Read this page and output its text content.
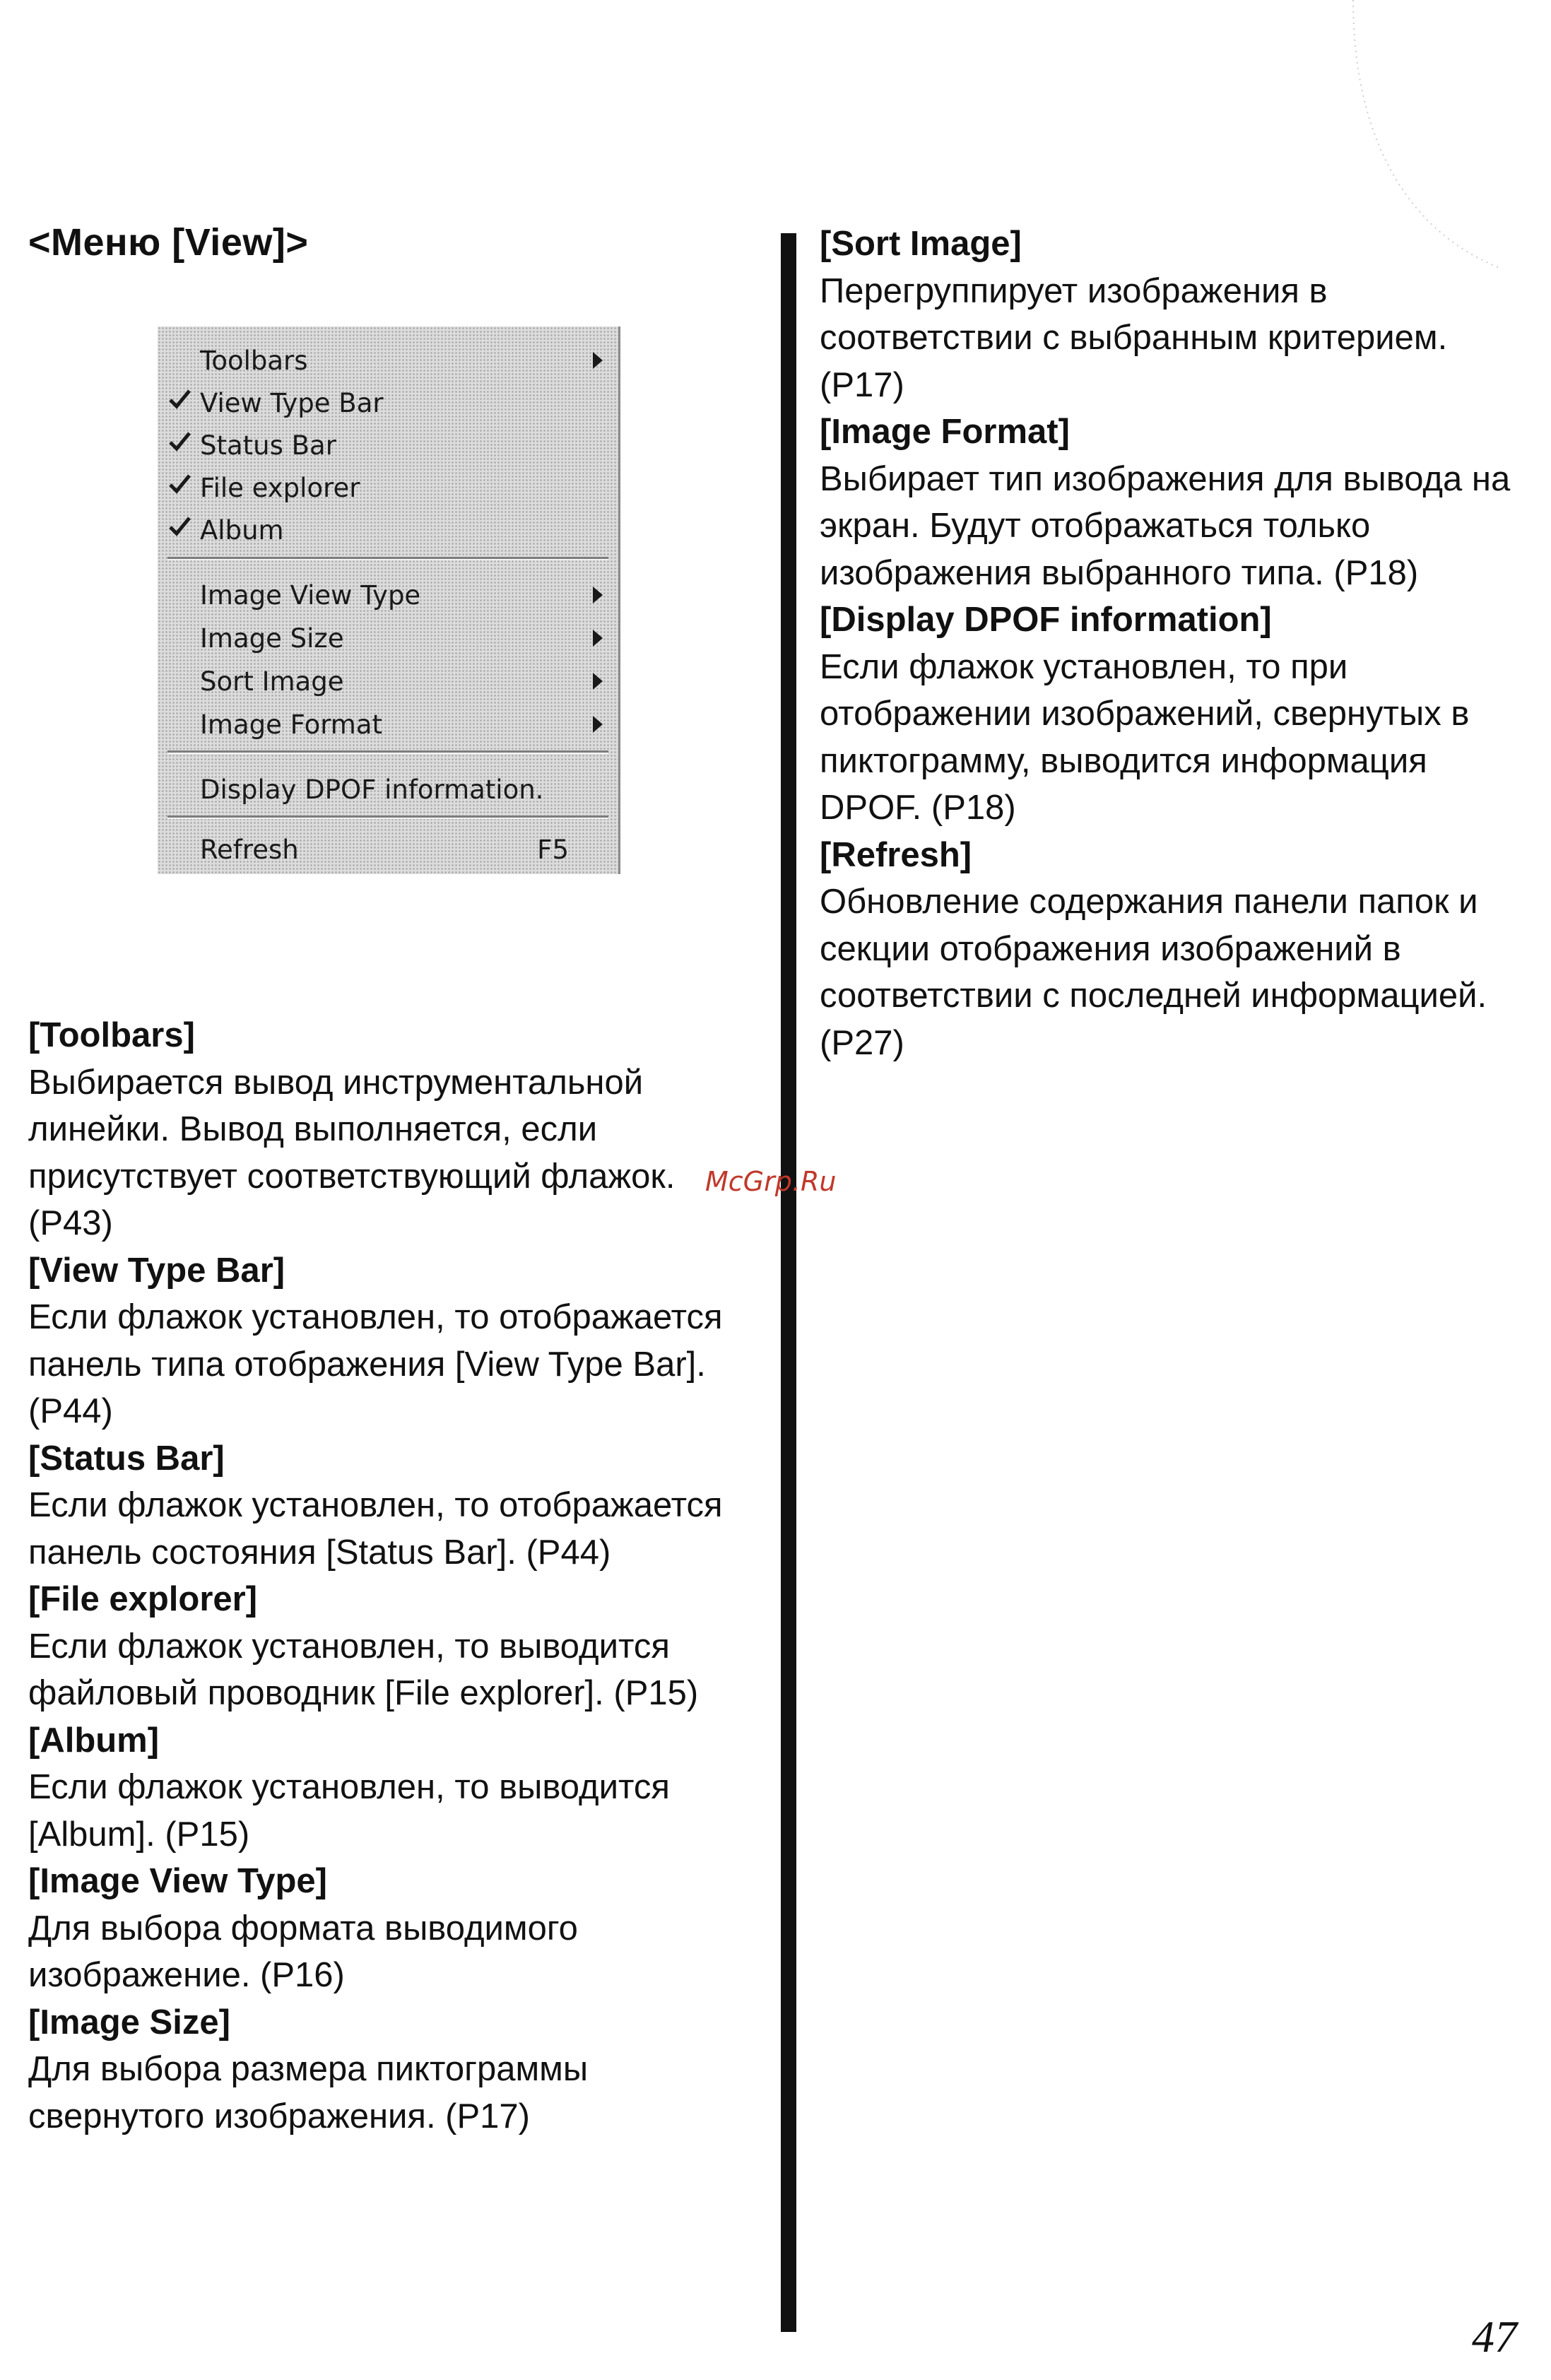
<Меню [View]>
Toolbars
View Type Bar
Status Bar
File explorer
Album
Image View Type
Image Size
Sort Image
Image Format
Display DPOF information.
Refresh	F5
[Toolbars]
Выбирается вывод инструментальной линейки. Вывод выполняется, если присутствует соответствующий флажок. (P43)
[View Type Bar]
Если флажок установлен, то отображается панель типа отображения [View Type Bar]. (P44)
[Status Bar]
Если флажок установлен, то отображается панель состояния [Status Bar]. (P44)
[File explorer]
Если флажок установлен, то выводится файловый проводник [File explorer]. (P15)
[Album]
Если флажок установлен, то выводится [Album]. (P15)
[Image View Type]
Для выбора формата выводимого изображение. (P16)
[Image Size]
Для выбора размера пиктограммы свернутого изображения. (P17)
[Sort Image]
Перегруппирует изображения в соответствии с выбранным критерием. (P17)
[Image Format]
Выбирает тип изображения для вывода на экран. Будут отображаться только изображения выбранного типа. (P18)
[Display DPOF information]
Если флажок установлен, то при отображении изображений, свернутых в пиктограмму, выводится информация DPOF. (P18)
[Refresh]
Обновление содержания панели папок и секции отображения изображений в соответствии с последней информацией. (P27)
McGrp.Ru
47
